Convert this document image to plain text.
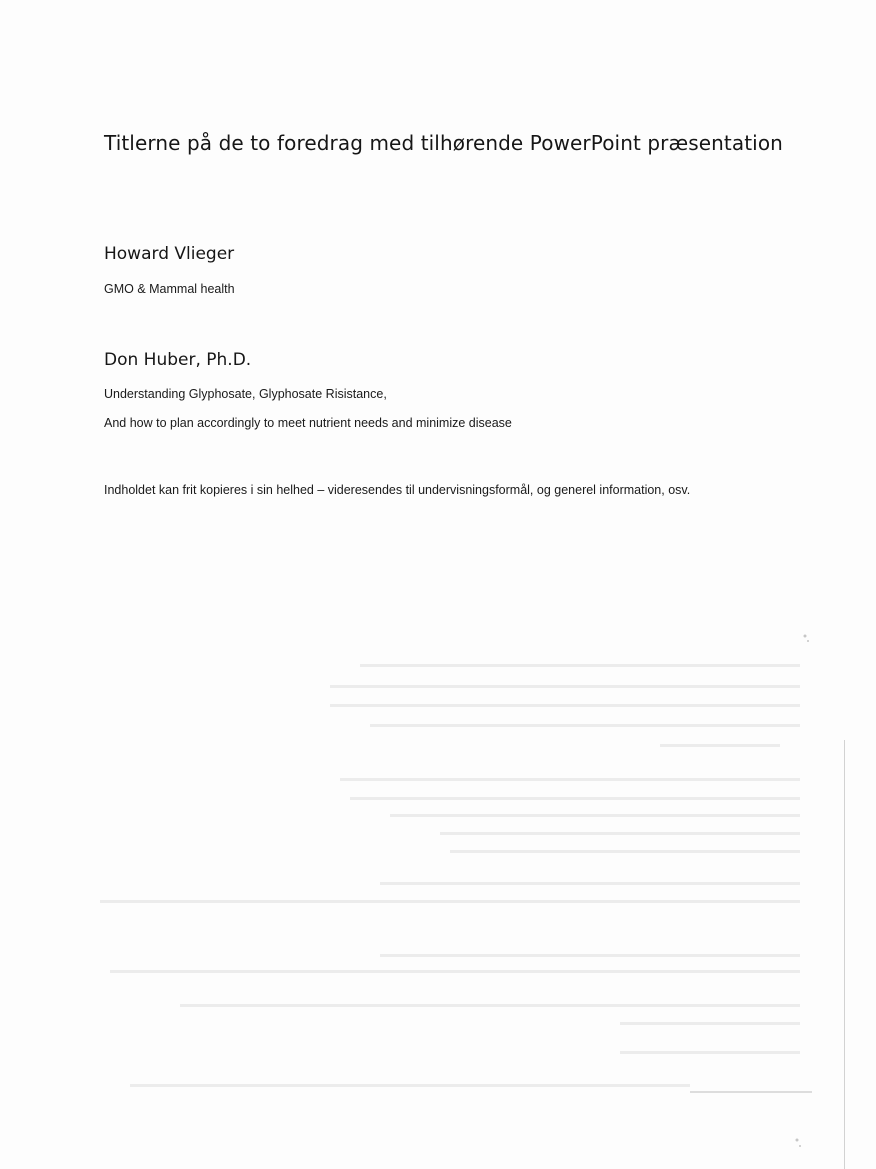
Titlerne på de to foredrag med tilhørende PowerPoint præsentation
Howard Vlieger
GMO & Mammal health
Don Huber, Ph.D.
Understanding Glyphosate, Glyphosate Risistance,
And how to plan accordingly to meet nutrient needs and minimize disease
Indholdet kan frit kopieres i sin helhed – videresendes til undervisningsformål, og generel information, osv.
